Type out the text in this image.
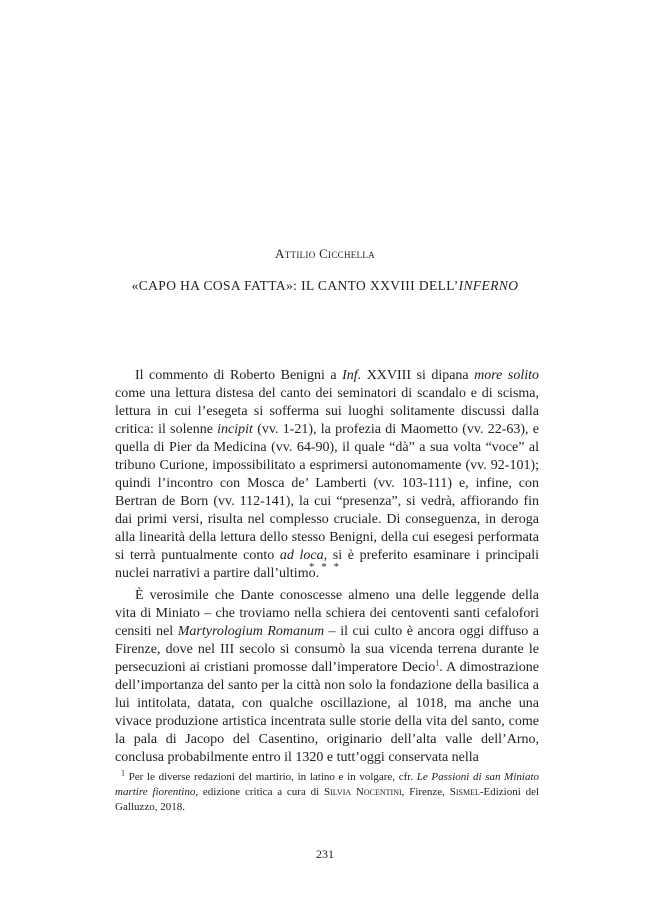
Attilio Cicchella
«CAPO HA COSA FATTA»: IL CANTO XXVIII DELL’INFERNO

Il commento di Roberto Benigni a Inf. XXVIII si dipana more solito come una lettura distesa del canto dei seminatori di scandalo e di scisma, lettura in cui l’esegeta si sofferma sui luoghi solitamente discussi dalla critica: il solenne incipit (vv. 1-21), la profezia di Maometto (vv. 22-63), e quella di Pier da Medicina (vv. 64-90), il quale “dà” a sua volta “voce” al tribuno Curione, impossibilitato a esprimersi autonomamente (vv. 92-101); quindi l’incontro con Mosca de’ Lamberti (vv. 103-111) e, infine, con Bertran de Born (vv. 112-141), la cui “presenza”, si vedrà, affiorando fin dai primi versi, risulta nel complesso cruciale. Di conseguenza, in deroga alla linearità della lettura dello stesso Benigni, della cui esegesi performata si terrà puntualmente conto ad loca, si è preferito esaminare i principali nuclei narrativi a partire dall’ultimo.

* * *

È verosimile che Dante conoscesse almeno una delle leggende della vita di Miniato – che troviamo nella schiera dei centoventi santi cefalofori censiti nel Martyrologium Romanum – il cui culto è ancora oggi diffuso a Firenze, dove nel III secolo si consumò la sua vicenda terrena durante le persecuzioni ai cristiani promosse dall’imperatore Decio$^1$. A dimostrazione dell’importanza del santo per la città non solo la fondazione della basilica a lui intitolata, datata, con qualche oscillazione, al 1018, ma anche una vivace produzione artistica incentrata sulle storie della vita del santo, come la pala di Jacopo del Casentino, originario dell’alta valle dell’Arno, conclusa probabilmente entro il 1320 e tutt’oggi conservata nella

$^1$ Per le diverse redazioni del martirio, in latino e in volgare, cfr. Le Passioni di san Miniato martire fiorentino, edizione critica a cura di Silvia Nocentini, Firenze, Sismel-Edizioni del Galluzzo, 2018.

231
